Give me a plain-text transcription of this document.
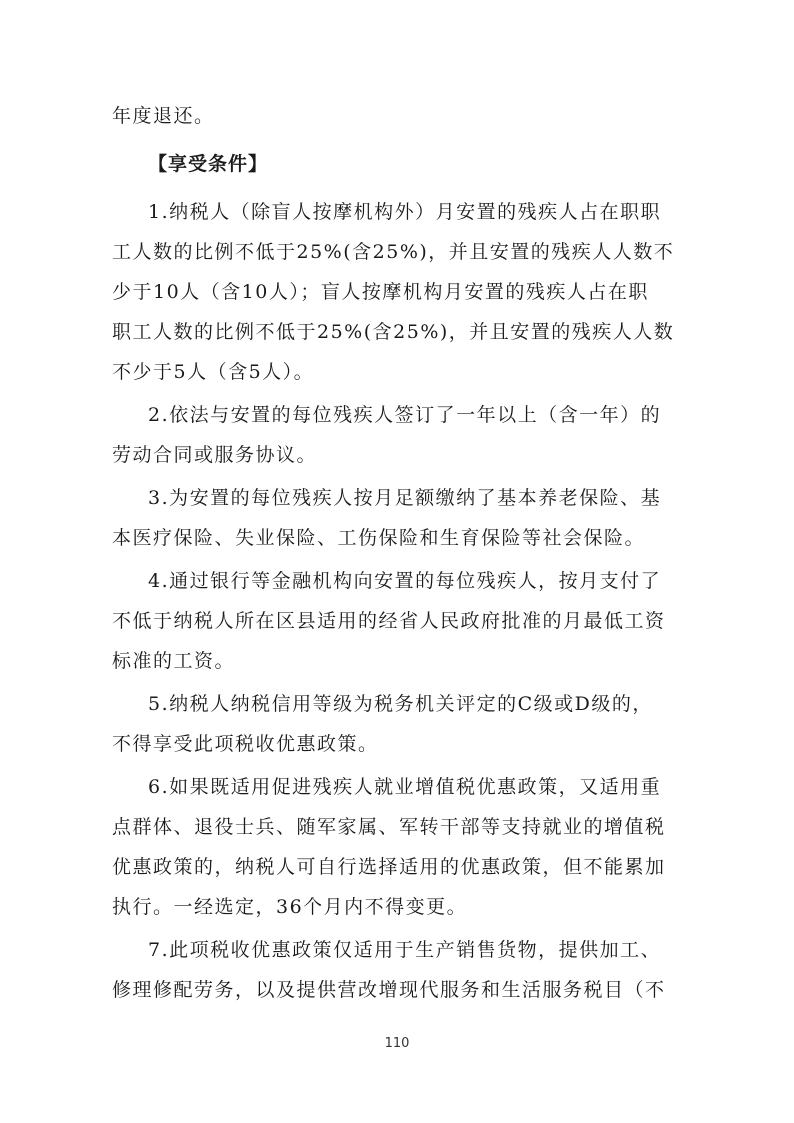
年度退还。
【享受条件】
1.纳税人（除盲人按摩机构外）月安置的残疾人占在职职
工人数的比例不低于25%(含25%)，并且安置的残疾人人数不
少于10人（含10人）；盲人按摩机构月安置的残疾人占在职
职工人数的比例不低于25%(含25%)，并且安置的残疾人人数
不少于5人（含5人）。
2.依法与安置的每位残疾人签订了一年以上（含一年）的
劳动合同或服务协议。
3.为安置的每位残疾人按月足额缴纳了基本养老保险、基
本医疗保险、失业保险、工伤保险和生育保险等社会保险。
4.通过银行等金融机构向安置的每位残疾人，按月支付了
不低于纳税人所在区县适用的经省人民政府批准的月最低工资
标准的工资。
5.纳税人纳税信用等级为税务机关评定的C级或D级的，
不得享受此项税收优惠政策。
6.如果既适用促进残疾人就业增值税优惠政策，又适用重
点群体、退役士兵、随军家属、军转干部等支持就业的增值税
优惠政策的，纳税人可自行选择适用的优惠政策，但不能累加
执行。一经选定，36个月内不得变更。
7.此项税收优惠政策仅适用于生产销售货物，提供加工、
修理修配劳务，以及提供营改增现代服务和生活服务税目（不
110
